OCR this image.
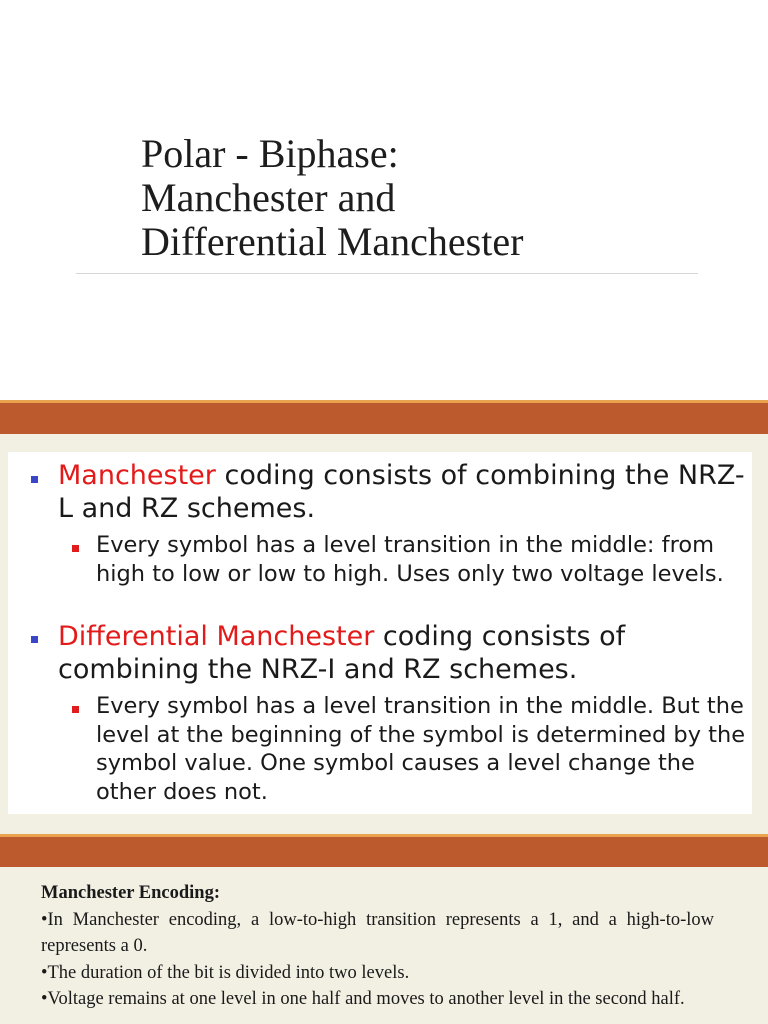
Polar - Biphase:
Manchester and
Differential Manchester
Manchester coding consists of combining the NRZ-L and RZ schemes.
Every symbol has a level transition in the middle: from high to low or low to high. Uses only two voltage levels.
Differential Manchester coding consists of combining the NRZ-I and RZ schemes.
Every symbol has a level transition in the middle. But the level at the beginning of the symbol is determined by the symbol value. One symbol causes a level change the other does not.
Manchester Encoding:
•In Manchester encoding, a low-to-high transition represents a 1, and a high-to-low represents a 0.
•The duration of the bit is divided into two levels.
•Voltage remains at one level in one half and moves to another level in the second half.
